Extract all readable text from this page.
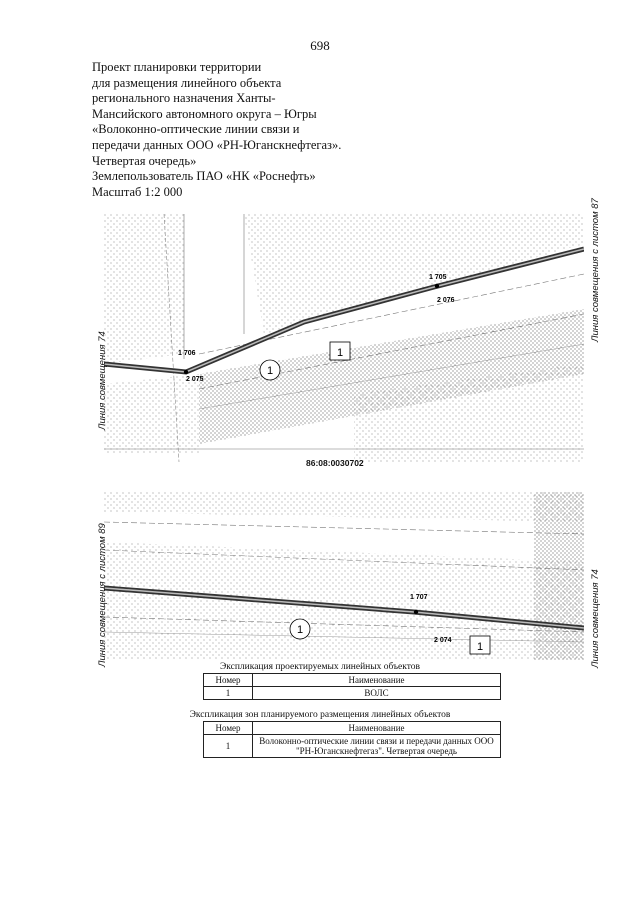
698
Проект планировки территории
для размещения линейного объекта
регионального назначения Ханты-
Мансийского автономного округа – Югры
«Волоконно-оптические линии связи и
передачи данных ООО «РН-Юганскнефтегаз».
Четвертая очередь»
Землепользователь ПАО «НК «Роснефть»
Масштаб 1:2 000
1 706
2 075
1 705
2 076
1
1
Линия совмещения 74
Линия совмещения с листом 87
86:08:0030702
1 707
2 074
1
1
Линия совмещения с листом 89	Линия совмещения 74
Экспликация проектируемых линейных объектов
Номер	Наименование
1	ВОЛС
Экспликация зон планируемого размещения линейных объектов
Номер	Наименование
1	Волоконно-оптические линии связи и передачи данных ООО "РН-Юганскнефтегаз". Четвертая очередь
